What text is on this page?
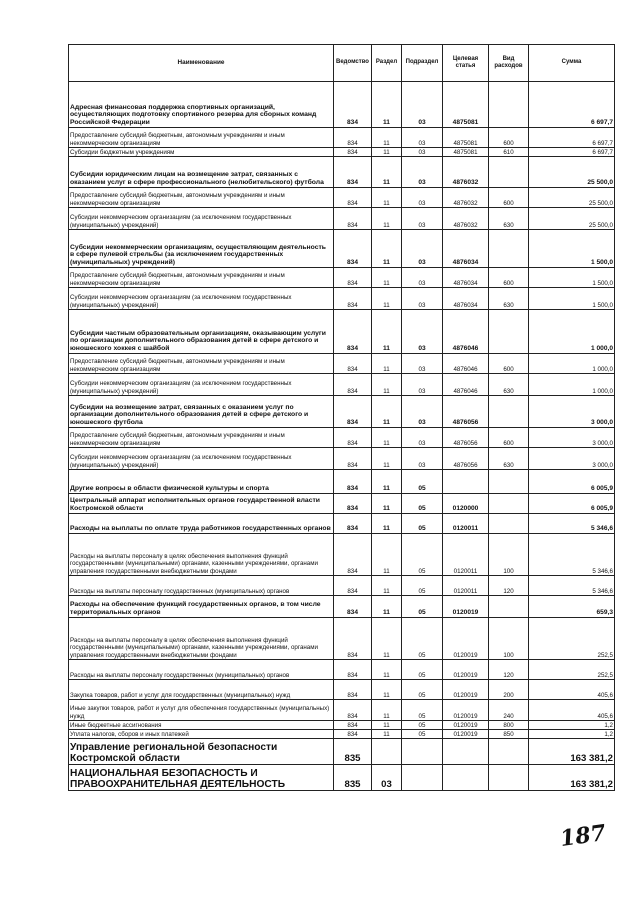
Наименование	Ведомство	Раздел	Подраздел	Целевая статья	Вид расходов	Сумма
Адресная финансовая поддержка спортивных организаций, осуществляющих подготовку спортивного резерва для сборных команд Российской Федерации	834	11	03	4875081		6 697,7
Предоставление субсидий бюджетным, автономным учреждениям и иным некоммерческим организациям	834	11	03	4875081	600	6 697,7
Субсидии бюджетным учреждениям	834	11	03	4875081	610	6 697,7
Субсидии юридическим лицам на возмещение затрат, связанных с оказанием услуг в сфере профессионального (нелюбительского) футбола	834	11	03	4876032		25 500,0
Предоставление субсидий бюджетным, автономным учреждениям и иным некоммерческим организациям	834	11	03	4876032	600	25 500,0
Субсидии некоммерческим организациям (за исключением государственных (муниципальных) учреждений)	834	11	03	4876032	630	25 500,0
Субсидии некоммерческим организациям, осуществляющим деятельность в сфере пулевой стрельбы (за исключением государственных (муниципальных) учреждений)	834	11	03	4876034		1 500,0
Предоставление субсидий бюджетным, автономным учреждениям и иным некоммерческим организациям	834	11	03	4876034	600	1 500,0
Субсидии некоммерческим организациям (за исключением государственных (муниципальных) учреждений)	834	11	03	4876034	630	1 500,0
Субсидии частным образовательным организациям, оказывающим услуги по организации дополнительного образования детей в сфере детского и юношеского хоккея с шайбой	834	11	03	4876046		1 000,0
Предоставление субсидий бюджетным, автономным учреждениям и иным некоммерческим организациям	834	11	03	4876046	600	1 000,0
Субсидии некоммерческим организациям (за исключением государственных (муниципальных) учреждений)	834	11	03	4876046	630	1 000,0
Субсидии на возмещение затрат, связанных с оказанием услуг по организации дополнительного образования детей в сфере детского и юношеского футбола	834	11	03	4876056		3 000,0
Предоставление субсидий бюджетным, автономным учреждениям и иным некоммерческим организациям	834	11	03	4876056	600	3 000,0
Субсидии некоммерческим организациям (за исключением государственных (муниципальных) учреждений)	834	11	03	4876056	630	3 000,0
Другие вопросы в области физической культуры и спорта	834	11	05			6 005,9
Центральный аппарат исполнительных органов государственной власти Костромской области	834	11	05	0120000		6 005,9
Расходы на выплаты по оплате труда работников государственных органов	834	11	05	0120011		5 346,6
Расходы на выплаты персоналу в целях обеспечения выполнения функций государственными (муниципальными) органами, казенными учреждениями, органами управления государственными внебюджетными фондами	834	11	05	0120011	100	5 346,6
Расходы на выплаты персоналу государственных (муниципальных) органов	834	11	05	0120011	120	5 346,6
Расходы на обеспечение функций государственных органов, в том числе территориальных органов	834	11	05	0120019		659,3
Расходы на выплаты персоналу в целях обеспечения выполнения функций государственными (муниципальными) органами, казенными учреждениями, органами управления государственными внебюджетными фондами	834	11	05	0120019	100	252,5
Расходы на выплаты персоналу государственных (муниципальных) органов	834	11	05	0120019	120	252,5
Закупка товаров, работ и услуг для государственных (муниципальных) нужд	834	11	05	0120019	200	405,6
Иные закупки товаров, работ и услуг для обеспечения государственных (муниципальных) нужд	834	11	05	0120019	240	405,6
Иные бюджетные ассигнования	834	11	05	0120019	800	1,2
Уплата налогов, сборов и иных платежей	834	11	05	0120019	850	1,2
Управление региональной безопасности Костромской области	835					163 381,2
НАЦИОНАЛЬНАЯ БЕЗОПАСНОСТЬ И ПРАВООХРАНИТЕЛЬНАЯ ДЕЯТЕЛЬНОСТЬ	835	03				163 381,2
187
